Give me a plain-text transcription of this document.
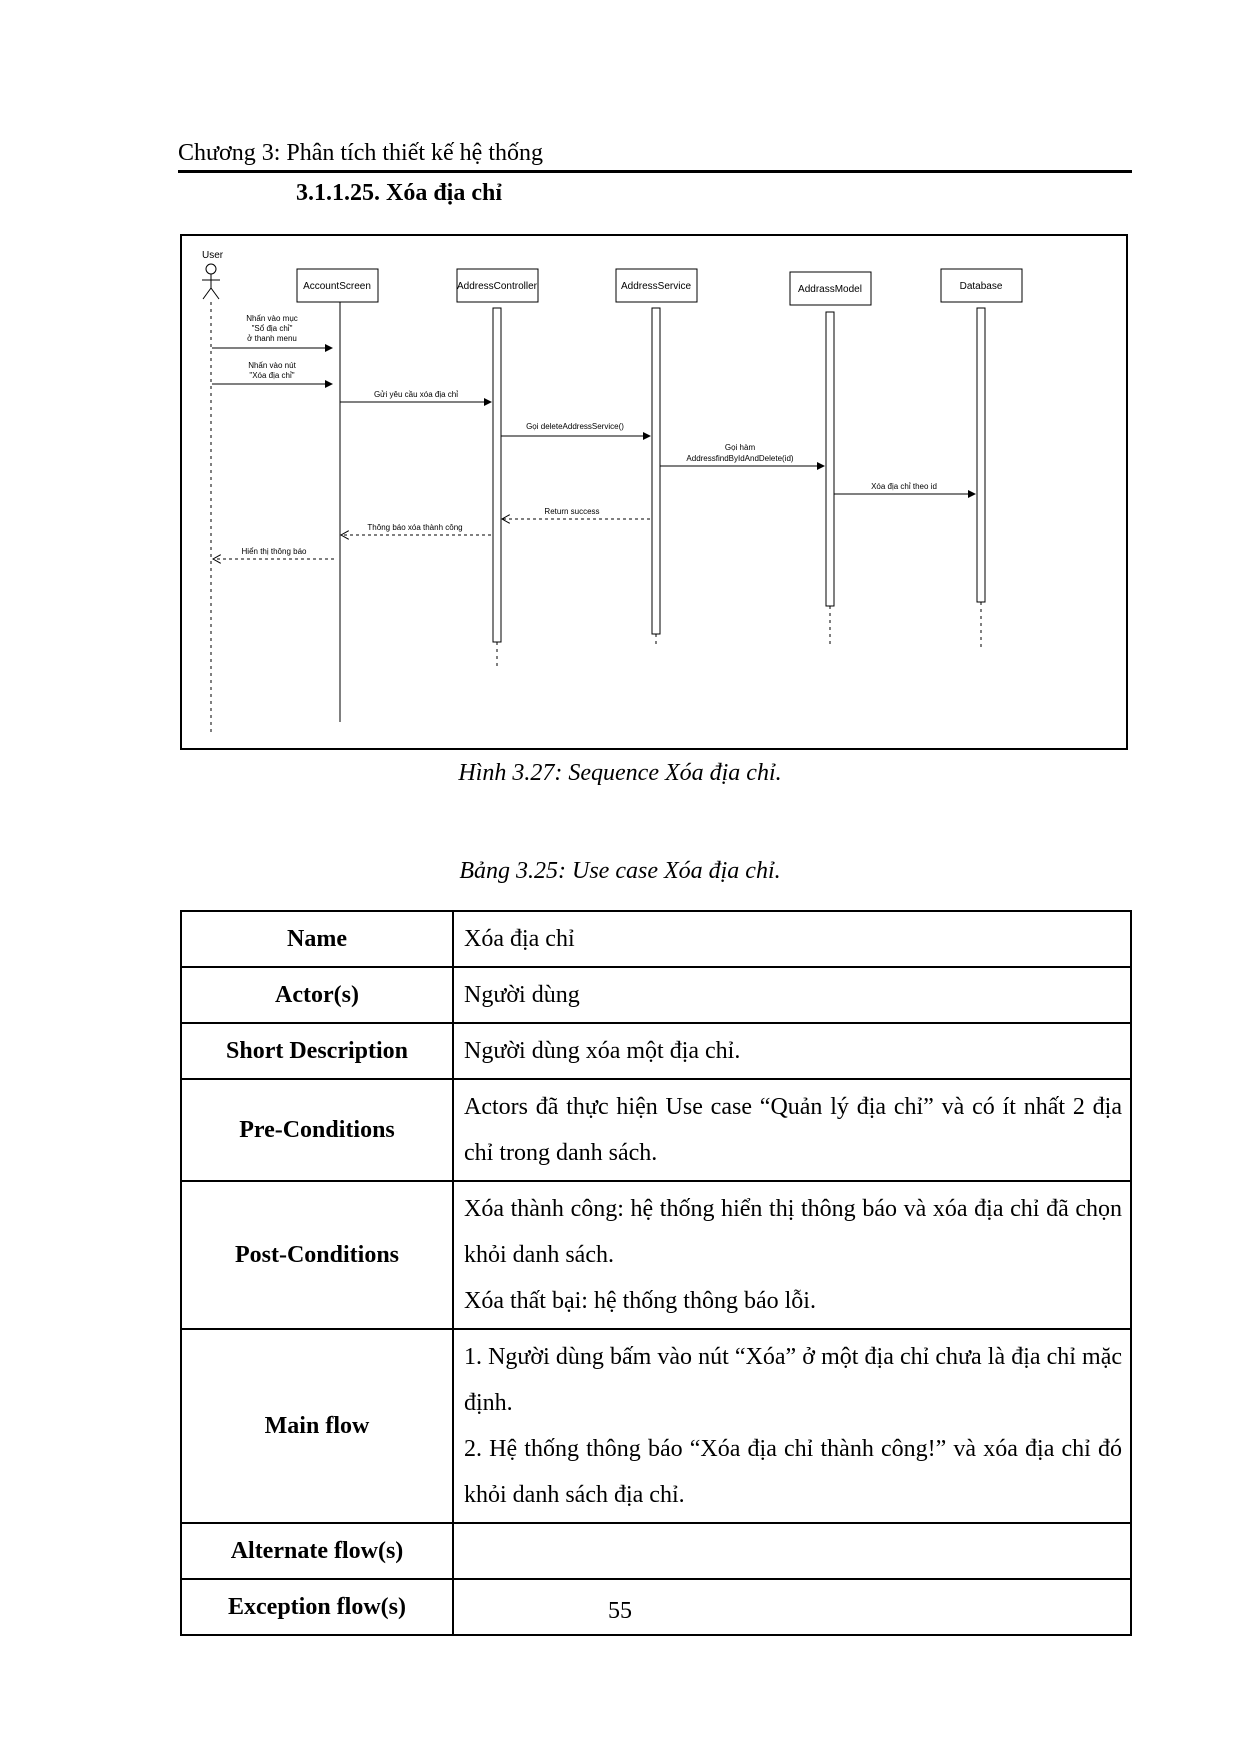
Chương 3: Phân tích thiết kế hệ thống
3.1.1.25. Xóa địa chỉ
User
AccountScreen	AddressController	AddressService	AddrassModel	Database
Nhấn vào mục
"Sổ địa chỉ"
ở thanh menu
Nhấn vào nút
"Xóa địa chỉ"
Gửi yêu cầu xóa địa chỉ
Gọi deleteAddressService()
Gọi hàm
AddressfindByIdAndDelete(id)
Xóa địa chỉ theo id
Return success
Thông báo xóa thành công
Hiển thị thông báo
Hình 3.27: Sequence Xóa địa chỉ.
Bảng 3.25: Use case Xóa địa chỉ.
Name	Xóa địa chỉ

Actor(s)	Người dùng

Short Description	Người dùng xóa một địa chỉ.

Pre-Conditions	Actors đã thực hiện Use case “Quản lý địa chỉ” và có ít nhất 2 địa chỉ trong danh sách.

Post-Conditions	Xóa thành công: hệ thống hiển thị thông báo và xóa địa chỉ đã chọn khỏi danh sách.
Xóa thất bại: hệ thống thông báo lỗi.

Main flow	1. Người dùng bấm vào nút “Xóa” ở một địa chỉ chưa là địa chỉ mặc định.
2. Hệ thống thông báo “Xóa địa chỉ thành công!” và xóa địa chỉ đó khỏi danh sách địa chỉ.

Alternate flow(s)	
Exception flow(s)		55
